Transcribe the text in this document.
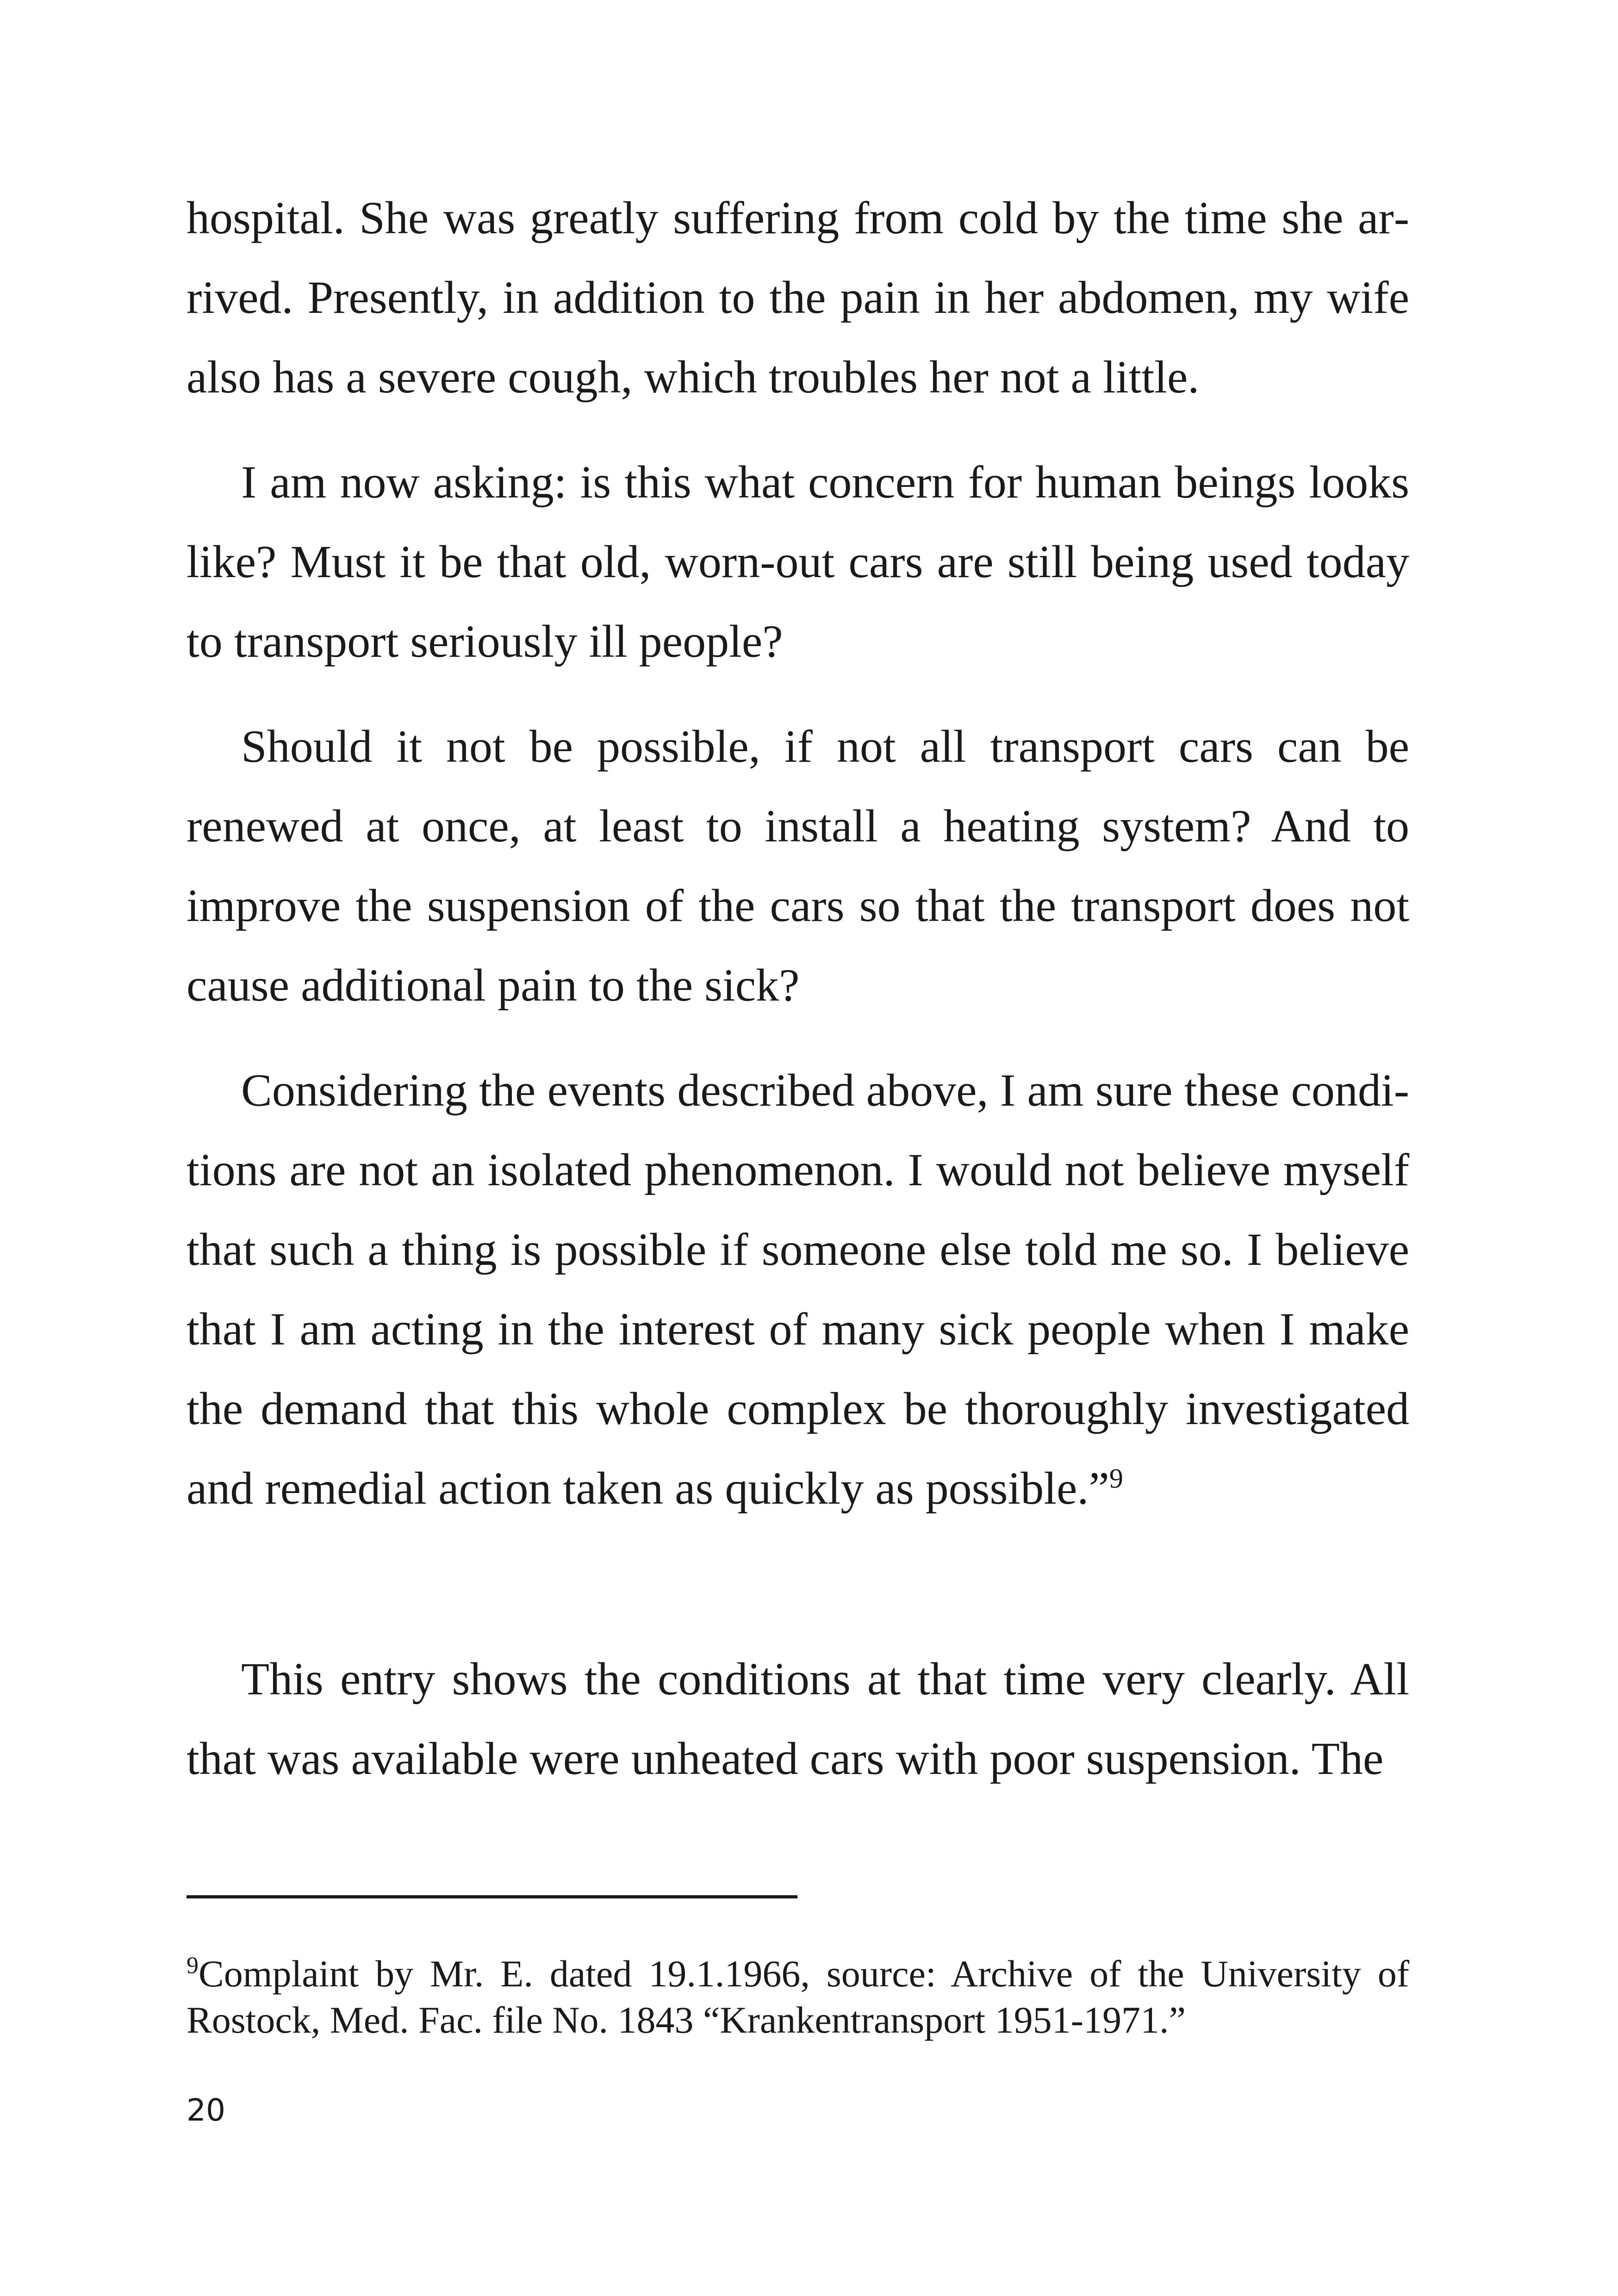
hospital. She was greatly suffering from cold by the time she arrived. Presently, in addition to the pain in her abdomen, my wife also has a severe cough, which troubles her not a little.

I am now asking: is this what concern for human beings looks like? Must it be that old, worn-out cars are still being used today to transport seriously ill people?

Should it not be possible, if not all transport cars can be renewed at once, at least to install a heating system? And to improve the suspension of the cars so that the transport does not cause additional pain to the sick?

Considering the events described above, I am sure these conditions are not an isolated phenomenon. I would not believe myself that such a thing is possible if someone else told me so. I believe that I am acting in the interest of many sick people when I make the demand that this whole complex be thoroughly investigated and remedial action taken as quickly as possible.”$^9$

This entry shows the conditions at that time very clearly. All that was available were unheated cars with poor suspension. The

$^9$Complaint by Mr. E. dated 19.1.1966, source: Archive of the University of Rostock, Med. Fac. file No. 1843 “Krankentransport 1951-1971.”
20
